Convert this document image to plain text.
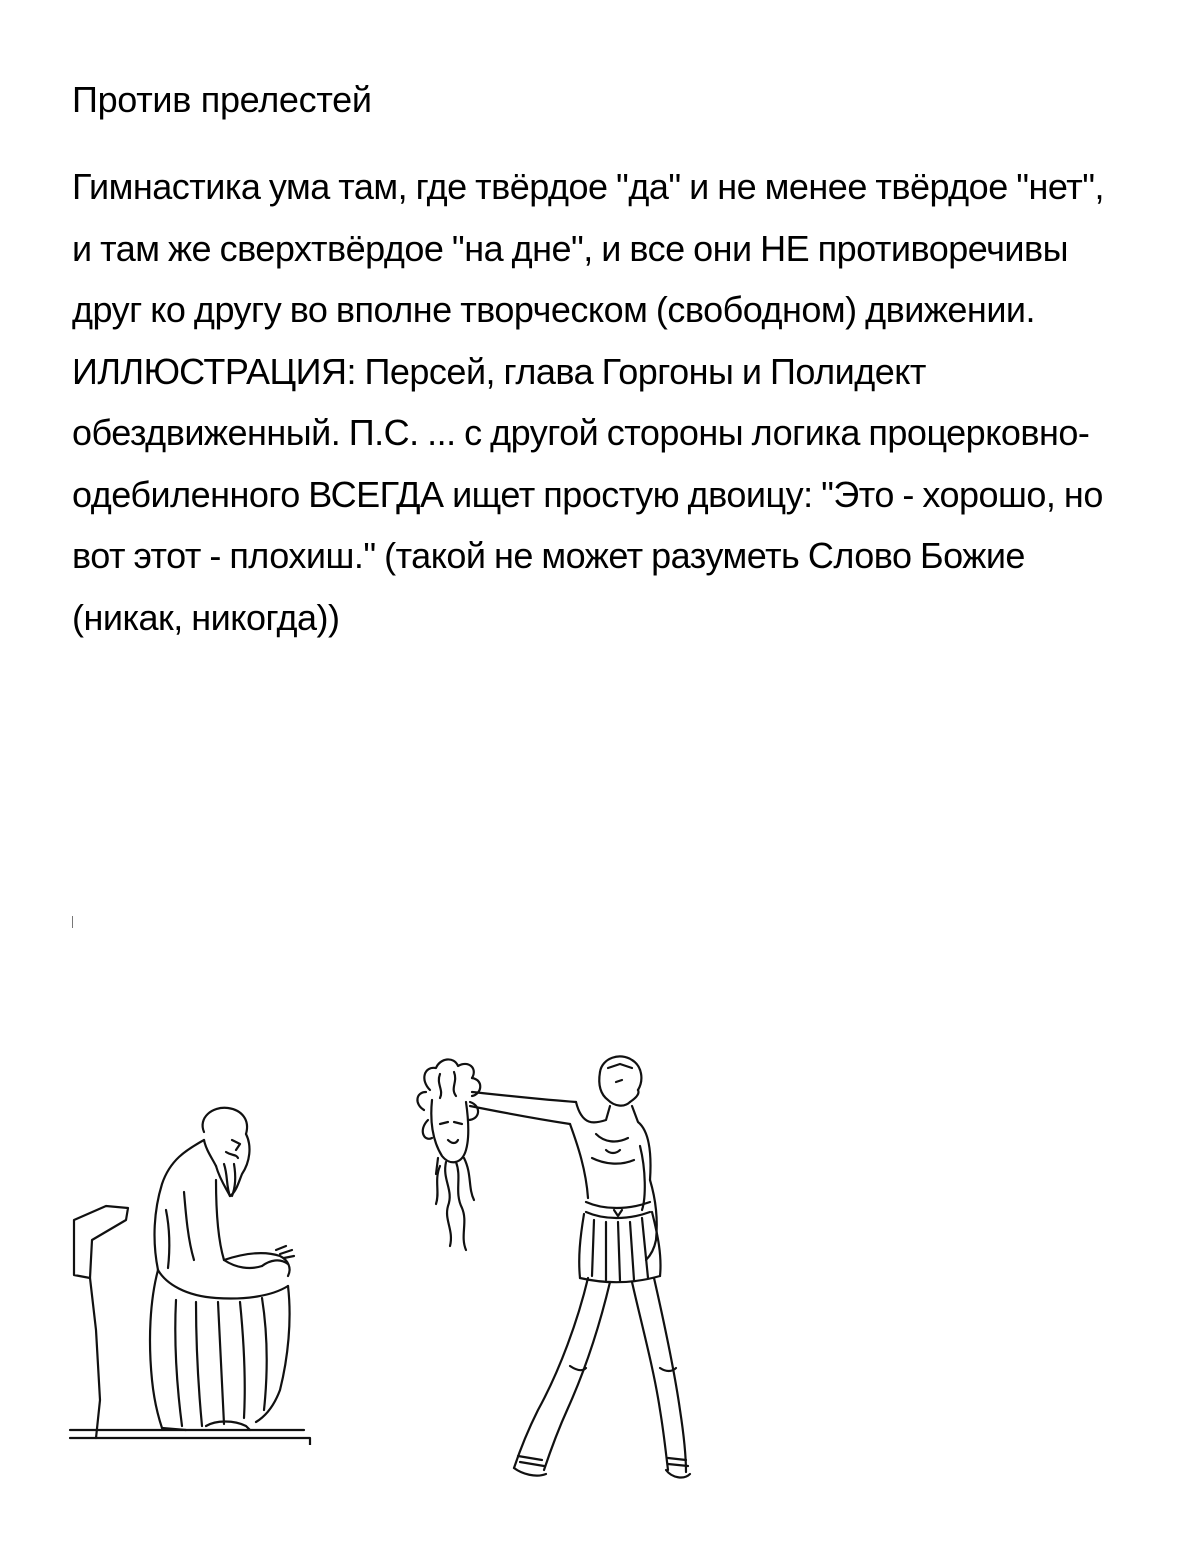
Против прелестей

Гимнастика ума там, где твёрдое "да" и не менее твёрдое "нет", и там же сверхтвёрдое "на дне", и все они НЕ противоречивы друг ко другу во вполне творческом (свободном) движении. ИЛЛЮСТРАЦИЯ: Персей, глава Горгоны и Полидект обездвиженный. П.С. ... с другой стороны логика процерковно-одебиленного ВСЕГДА ищет простую двоицу: "Это - хорошо, но вот этот - плохиш." (такой не может разуметь Слово Божие (никак, никогда))
